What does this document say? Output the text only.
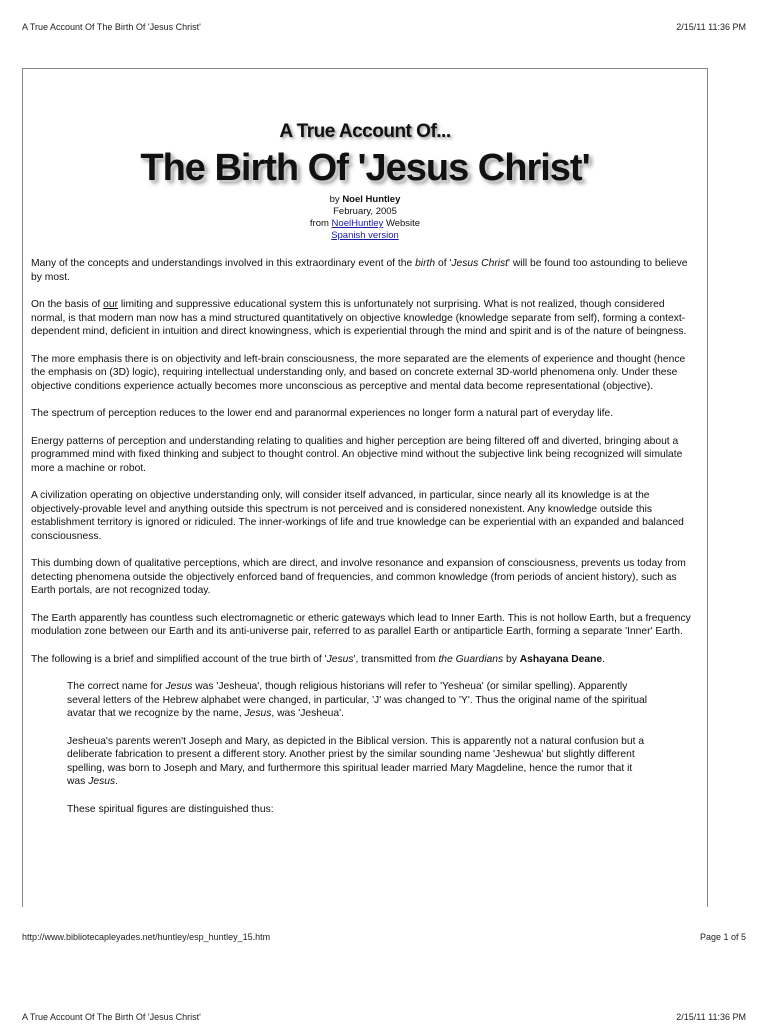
A True Account Of The Birth Of 'Jesus Christ'	2/15/11 11:36 PM
A True Account Of...
The Birth Of 'Jesus Christ'
by Noel Huntley
February, 2005
from NoelHuntley Website
Spanish version

Many of the concepts and understandings involved in this extraordinary event of the birth of 'Jesus Christ' will be found too astounding to believe by most.

On the basis of our limiting and suppressive educational system this is unfortunately not surprising. What is not realized, though considered normal, is that modern man now has a mind structured quantitatively on objective knowledge (knowledge separate from self), forming a context-dependent mind, deficient in intuition and direct knowingness, which is experiential through the mind and spirit and is of the nature of beingness.

The more emphasis there is on objectivity and left-brain consciousness, the more separated are the elements of experience and thought (hence the emphasis on (3D) logic), requiring intellectual understanding only, and based on concrete external 3D-world phenomena only. Under these objective conditions experience actually becomes more unconscious as perceptive and mental data become representational (objective).

The spectrum of perception reduces to the lower end and paranormal experiences no longer form a natural part of everyday life.

Energy patterns of perception and understanding relating to qualities and higher perception are being filtered off and diverted, bringing about a programmed mind with fixed thinking and subject to thought control. An objective mind without the subjective link being recognized will simulate more a machine or robot.

A civilization operating on objective understanding only, will consider itself advanced, in particular, since nearly all its knowledge is at the objectively-provable level and anything outside this spectrum is not perceived and is considered nonexistent. Any knowledge outside this establishment territory is ignored or ridiculed. The inner-workings of life and true knowledge can be experiential with an expanded and balanced consciousness.

This dumbing down of qualitative perceptions, which are direct, and involve resonance and expansion of consciousness, prevents us today from detecting phenomena outside the objectively enforced band of frequencies, and common knowledge (from periods of ancient history), such as Earth portals, are not recognized today.

The Earth apparently has countless such electromagnetic or etheric gateways which lead to Inner Earth. This is not hollow Earth, but a frequency modulation zone between our Earth and its anti-universe pair, referred to as parallel Earth or antiparticle Earth, forming a separate 'Inner' Earth.

The following is a brief and simplified account of the true birth of 'Jesus', transmitted from the Guardians by Ashayana Deane.

The correct name for Jesus was 'Jesheua', though religious historians will refer to 'Yesheua' (or similar spelling). Apparently several letters of the Hebrew alphabet were changed, in particular, 'J' was changed to 'Y'. Thus the original name of the spiritual avatar that we recognize by the name, Jesus, was 'Jesheua'.

Jesheua's parents weren't Joseph and Mary, as depicted in the Biblical version. This is apparently not a natural confusion but a deliberate fabrication to present a different story. Another priest by the similar sounding name 'Jeshewua' but slightly different spelling, was born to Joseph and Mary, and furthermore this spiritual leader married Mary Magdeline, hence the rumor that it was Jesus.

These spiritual figures are distinguished thus:

http://www.bibliotecapleyades.net/huntley/esp_huntley_15.htm	Page 1 of 5
A True Account Of The Birth Of 'Jesus Christ'	2/15/11 11:36 PM
